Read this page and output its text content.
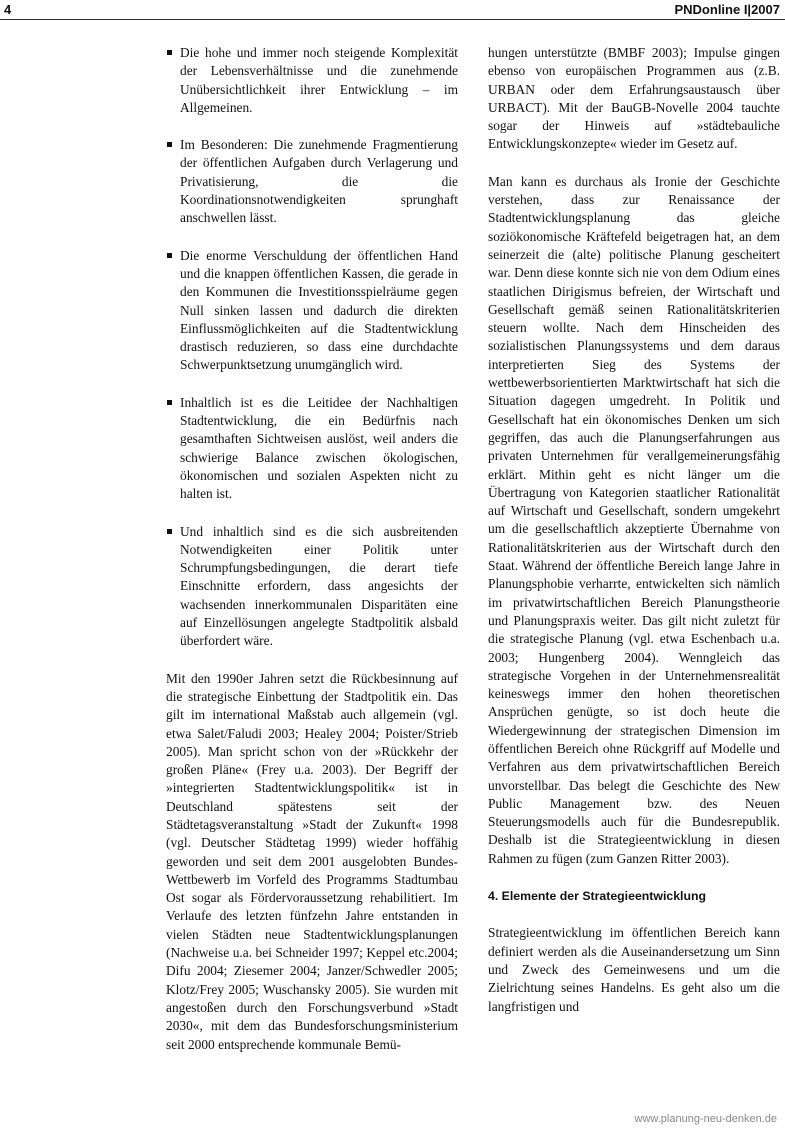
4	PNDonline I|2007
Die hohe und immer noch steigende Komplexität der Lebensverhältnisse und die zunehmende Unübersichtlichkeit ihrer Entwicklung – im Allgemeinen.
Im Besonderen: Die zunehmende Fragmentierung der öffentlichen Aufgaben durch Verlagerung und Privatisierung, die die Koordinationsnotwendigkeiten sprunghaft anschwellen lässt.
Die enorme Verschuldung der öffentlichen Hand und die knappen öffentlichen Kassen, die gerade in den Kommunen die Investitionsspielräume gegen Null sinken lassen und dadurch die direkten Einflussmöglichkeiten auf die Stadtentwicklung drastisch reduzieren, so dass eine durchdachte Schwerpunktsetzung unumgänglich wird.
Inhaltlich ist es die Leitidee der Nachhaltigen Stadtentwicklung, die ein Bedürfnis nach gesamthaften Sichtweisen auslöst, weil anders die schwierige Balance zwischen ökologischen, ökonomischen und sozialen Aspekten nicht zu halten ist.
Und inhaltlich sind es die sich ausbreitenden Notwendigkeiten einer Politik unter Schrumpfungsbedingungen, die derart tiefe Einschnitte erfordern, dass angesichts der wachsenden innerkommunalen Disparitäten eine auf Einzellösungen angelegte Stadtpolitik alsbald überfordert wäre.

Mit den 1990er Jahren setzt die Rückbesinnung auf die strategische Einbettung der Stadtpolitik ein. Das gilt im international Maßstab auch allgemein (vgl. etwa Salet/Faludi 2003; Healey 2004; Poister/Strieb 2005). Man spricht schon von der »Rückkehr der großen Pläne« (Frey u.a. 2003). Der Begriff der »integrierten Stadtentwicklungspolitik« ist in Deutschland spätestens seit der Städtetagsveranstaltung »Stadt der Zukunft« 1998 (vgl. Deutscher Städtetag 1999) wieder hoffähig geworden und seit dem 2001 ausgelobten Bundes-Wettbewerb im Vorfeld des Programms Stadtumbau Ost sogar als Fördervoraussetzung rehabilitiert. Im Verlaufe des letzten fünfzehn Jahre entstanden in vielen Städten neue Stadtentwicklungsplanungen (Nachweise u.a. bei Schneider 1997; Keppel etc.2004; Difu 2004; Ziesemer 2004; Janzer/Schwedler 2005; Klotz/Frey 2005; Wuschansky 2005). Sie wurden mit angestoßen durch den Forschungsverbund »Stadt 2030«, mit dem das Bundesforschungsministerium seit 2000 entsprechende kommunale Bemü-

hungen unterstützte (BMBF 2003); Impulse gingen ebenso von europäischen Programmen aus (z.B. URBAN oder dem Erfahrungsaustausch über URBACT). Mit der BauGB-Novelle 2004 tauchte sogar der Hinweis auf »städtebauliche Entwicklungskonzepte« wieder im Gesetz auf.

Man kann es durchaus als Ironie der Geschichte verstehen, dass zur Renaissance der Stadtentwicklungsplanung das gleiche soziökonomische Kräftefeld beigetragen hat, an dem seinerzeit die (alte) politische Planung gescheitert war. Denn diese konnte sich nie von dem Odium eines staatlichen Dirigismus befreien, der Wirtschaft und Gesellschaft gemäß seinen Rationalitätskriterien steuern wollte. Nach dem Hinscheiden des sozialistischen Planungssystems und dem daraus interpretierten Sieg des Systems der wettbewerbsorientierten Marktwirtschaft hat sich die Situation dagegen umgedreht. In Politik und Gesellschaft hat ein ökonomisches Denken um sich gegriffen, das auch die Planungserfahrungen aus privaten Unternehmen für verallgemeinerungsfähig erklärt. Mithin geht es nicht länger um die Übertragung von Kategorien staatlicher Rationalität auf Wirtschaft und Gesellschaft, sondern umgekehrt um die gesellschaftlich akzeptierte Übernahme von Rationalitätskriterien aus der Wirtschaft durch den Staat. Während der öffentliche Bereich lange Jahre in Planungsphobie verharrte, entwickelten sich nämlich im privatwirtschaftlichen Bereich Planungstheorie und Planungspraxis weiter. Das gilt nicht zuletzt für die strategische Planung (vgl. etwa Eschenbach u.a. 2003; Hungenberg 2004). Wenngleich das strategische Vorgehen in der Unternehmensrealität keineswegs immer den hohen theoretischen Ansprüchen genügte, so ist doch heute die Wiedergewinnung der strategischen Dimension im öffentlichen Bereich ohne Rückgriff auf Modelle und Verfahren aus dem privatwirtschaftlichen Bereich unvorstellbar. Das belegt die Geschichte des New Public Management bzw. des Neuen Steuerungsmodells auch für die Bundesrepublik. Deshalb ist die Strategieentwicklung in diesen Rahmen zu fügen (zum Ganzen Ritter 2003).

4. Elemente der Strategieentwicklung

Strategieentwicklung im öffentlichen Bereich kann definiert werden als die Auseinandersetzung um Sinn und Zweck des Gemeinwesens und um die Zielrichtung seines Handelns. Es geht also um die langfristigen und

www.planung-neu-denken.de
